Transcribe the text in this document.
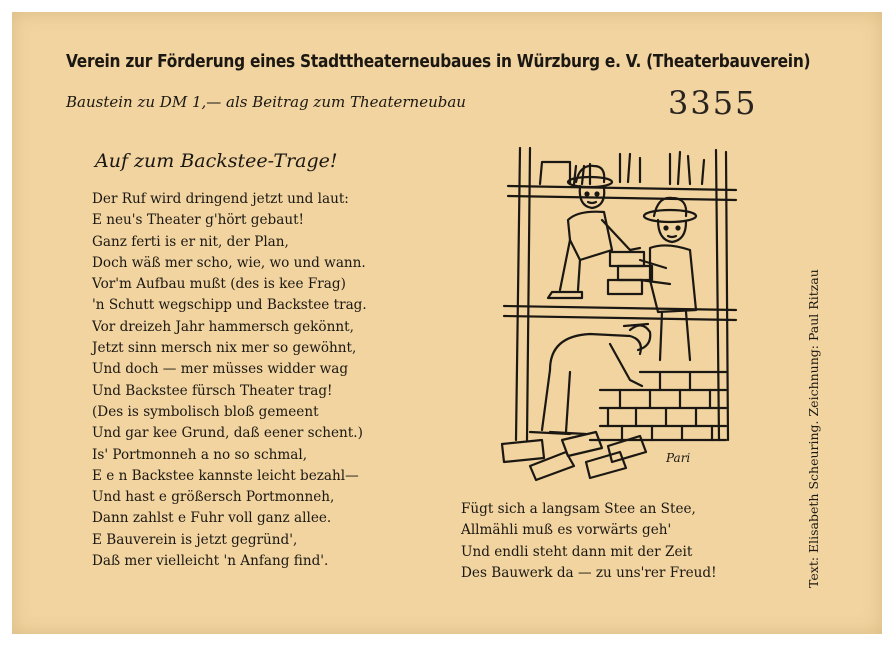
Verein zur Förderung eines Stadttheaterneubaues in Würzburg e. V. (Theaterbauverein)
Baustein zu DM 1,— als Beitrag zum Theaterneubau	3355
Auf zum Backstee-Trage!
Der Ruf wird dringend jetzt und laut:
E neu's Theater g'hört gebaut!
Ganz ferti is er nit, der Plan,
Doch wäß mer scho, wie, wo und wann.
Vor'm Aufbau mußt (des is kee Frag)
'n Schutt wegschipp und Backstee trag.
Vor dreizeh Jahr hammersch gekönnt,
Jetzt sinn mersch nix mer so gewöhnt,
Und doch — mer müsses widder wag
Und Backstee fürsch Theater trag!
(Des is symbolisch bloß gemeent
Und gar kee Grund, daß eener schent.)
Is' Portmonneh a no so schmal,
E e n Backstee kannste leicht bezahl—
Und hast e größersch Portmonneh,
Dann zahlst e Fuhr voll ganz allee.
E Bauverein is jetzt gegründ',
Daß mer vielleicht 'n Anfang find'.
Fügt sich a langsam Stee an Stee,
Allmähli muß es vorwärts geh'
Und endli steht dann mit der Zeit
Des Bauwerk da — zu uns'rer Freud!	Text: Elisabeth Scheuring. Zeichnung: Paul Ritzau
Pari
